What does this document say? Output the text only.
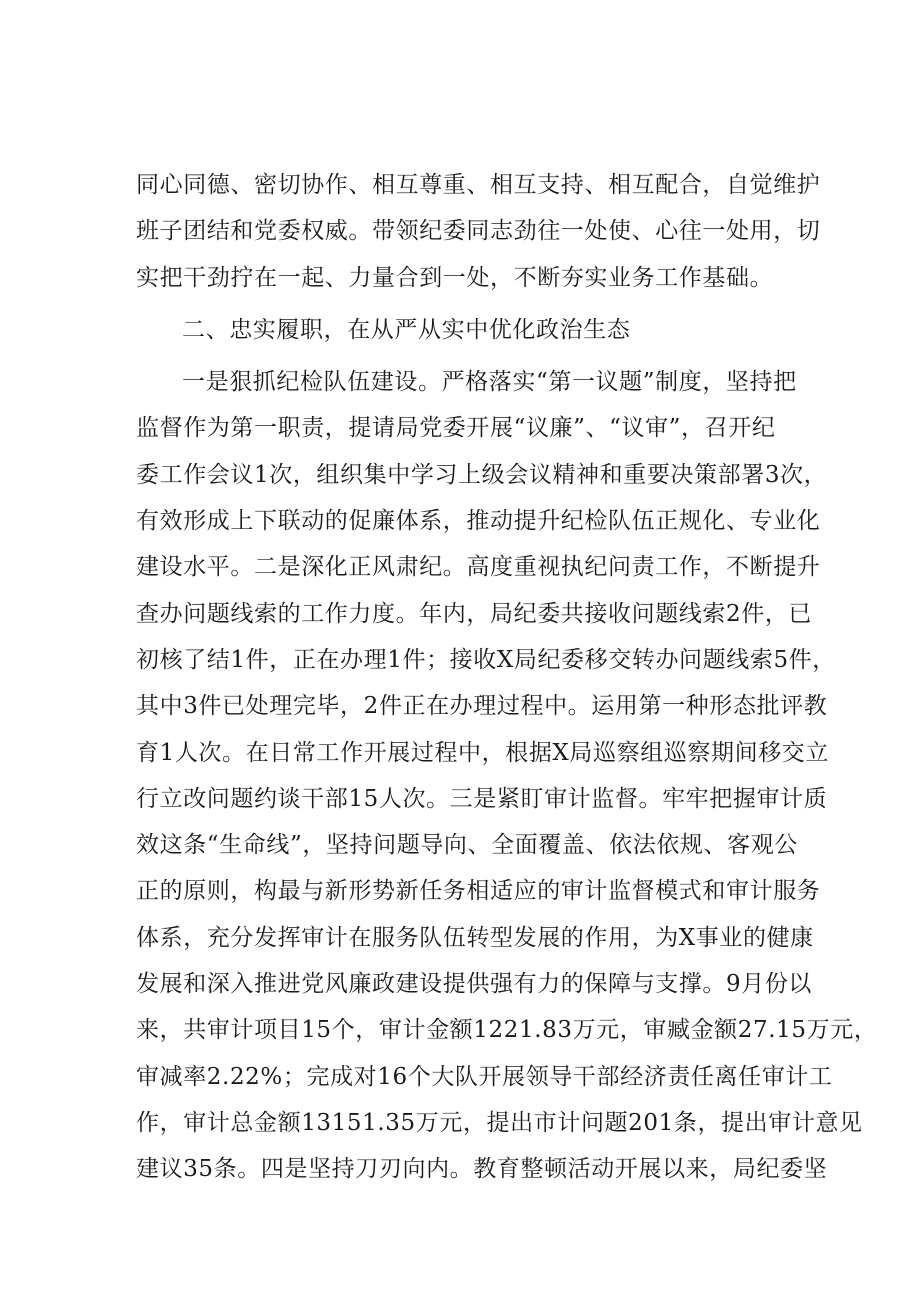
同心同德、密切协作、相互尊重、相互支持、相互配合，自觉维护
班子团结和党委权威。带领纪委同志劲往一处使、心往一处用，切
实把干劲拧在一起、力量合到一处，不断夯实业务工作基础。
二、忠实履职，在从严从实中优化政治生态
一是狠抓纪检队伍建设。严格落实“第一议题”制度，坚持把
监督作为第一职责，提请局党委开展“议廉”、“议审”，召开纪
委工作会议1次，组织集中学习上级会议精神和重要决策部署3次，
有效形成上下联动的促廉体系，推动提升纪检队伍正规化、专业化
建设水平。二是深化正风肃纪。高度重视执纪问责工作，不断提升
查办问题线索的工作力度。年内，局纪委共接收问题线索2件，已
初核了结1件，正在办理1件；接收X局纪委移交转办问题线索5件，
其中3件已处理完毕，2件正在办理过程中。运用第一种形态批评教
育1人次。在日常工作开展过程中，根据X局巡察组巡察期间移交立
行立改问题约谈干部15人次。三是紧盯审计监督。牢牢把握审计质
效这条“生命线”，坚持问题导向、全面覆盖、依法依规、客观公
正的原则，构最与新形势新任务相适应的审计监督模式和审计服务
体系，充分发挥审计在服务队伍转型发展的作用，为X事业的健康
发展和深入推进党风廉政建设提供强有力的保障与支撑。9月份以
来，共审计项目15个，审计金额1221.83万元，审臧金额27.15万元，
审减率2.22%；完成对16个大队开展领导干部经济责任离任审计工
作，审计总金额13151.35万元，提出市计问题201条，提出审计意见
建议35条。四是坚持刀刃向内。教育整顿活动开展以来，局纪委坚
